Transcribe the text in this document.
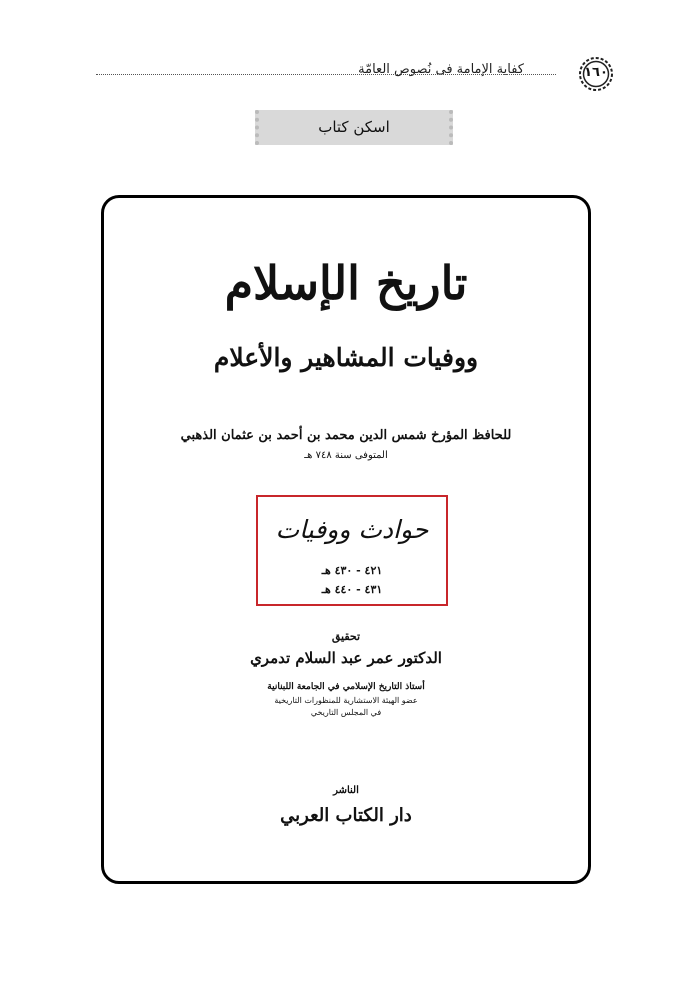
كفاية الإمامة فى نُصوص العامّة	١٦٠
اسكن كتاب
تاريخ الإسلام
ووفيات المشاهير والأعلام
للحافظ المؤرخ شمس الدين محمد بن أحمد بن عثمان الذهبي
المتوفى سنة ٧٤٨ هـ
حوادث ووفيات
٤٢١ - ٤٣٠ هـ
٤٣١ - ٤٤٠ هـ
تحقيق
الدكتور عمر عبد السلام تدمري
أستاذ التاريخ الإسلامي في الجامعة اللبنانية
عضو الهيئة الاستشارية للمنظورات التاريخية
في المجلس التاريخي
الناشر
دار الكتاب العربي
